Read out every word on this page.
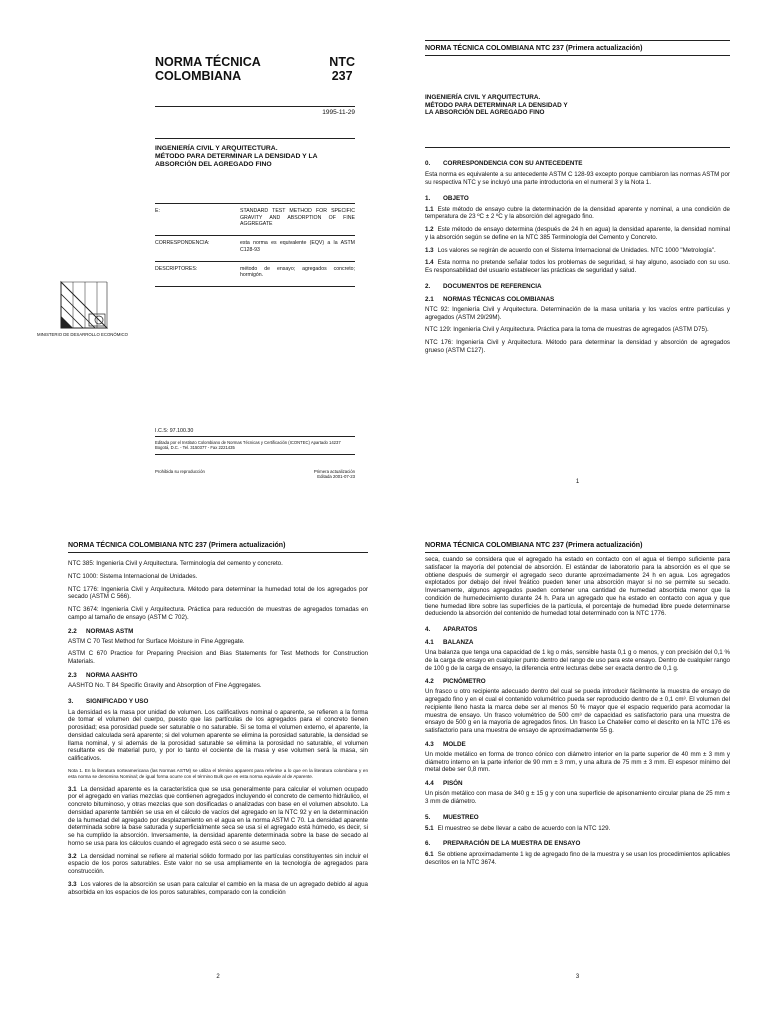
NORMA TÉCNICA
COLOMBIANA
NTC
237
1995-11-29
INGENIERÍA CIVIL Y ARQUITECTURA.
MÉTODO PARA DETERMINAR LA DENSIDAD Y LA ABSORCIÓN DEL AGREGADO FINO
E:	STANDARD TEST METHOD FOR SPECIFIC GRAVITY AND ABSORPTION OF FINE AGGREGATE
CORRESPONDENCIA:	esta norma es equivalente (EQV) a la ASTM C128-93
DESCRIPTORES:	método de ensayo; agregados concreto; hormigón.
MINISTERIO DE DESARROLLO ECONÓMICO
I.C.S: 97.100.30
Editada por el Instituto Colombiano de Normas Técnicas y Certificación (ICONTEC) Apartado 14237 Bogotá, D.C. - Tel. 3150377 - Fax 2221435
Prohibida su reproducción	Primera actualización
Editada 2001-07-23
NORMA TÉCNICA COLOMBIANA NTC 237 (Primera actualización)
INGENIERÍA CIVIL Y ARQUITECTURA.
MÉTODO PARA DETERMINAR LA DENSIDAD Y
LA ABSORCIÓN DEL AGREGADO FINO
0. CORRESPONDENCIA CON SU ANTECEDENTE

Esta norma es equivalente a su antecedente ASTM C 128-93 excepto porque cambiaron las normas ASTM por su respectiva NTC y se incluyó una parte introductoria en el numeral 3 y la Nota 1.

1. OBJETO

1.1 Este método de ensayo cubre la determinación de la densidad aparente y nominal, a una condición de temperatura de 23 ºC ± 2 ºC y la absorción del agregado fino.

1.2 Este método de ensayo determina (después de 24 h en agua) la densidad aparente, la densidad nominal y la absorción según se define en la NTC 385 Terminología del Cemento y Concreto.

1.3 Los valores se regirán de acuerdo con el Sistema Internacional de Unidades. NTC 1000 "Metrología".

1.4 Esta norma no pretende señalar todos los problemas de seguridad, si hay alguno, asociado con su uso. Es responsabilidad del usuario establecer las prácticas de seguridad y salud.

2. DOCUMENTOS DE REFERENCIA
2.1 NORMAS TÉCNICAS COLOMBIANAS

NTC 92: Ingeniería Civil y Arquitectura. Determinación de la masa unitaria y los vacíos entre partículas y agregados (ASTM 29/29M).

NTC 129: Ingeniería Civil y Arquitectura. Práctica para la toma de muestras de agregados (ASTM D75).

NTC 176: Ingeniería Civil y Arquitectura. Método para determinar la densidad y absorción de agregados grueso (ASTM C127).

1
NORMA TÉCNICA COLOMBIANA NTC 237 (Primera actualización)

NTC 385: Ingeniería Civil y Arquitectura. Terminología del cemento y concreto.

NTC 1000: Sistema Internacional de Unidades.

NTC 1776: Ingeniería Civil y Arquitectura. Método para determinar la humedad total de los agregados por secado (ASTM C 566).

NTC 3674: Ingeniería Civil y Arquitectura. Práctica para reducción de muestras de agregados tomadas en campo al tamaño de ensayo (ASTM C 702).

2.2 NORMAS ASTM

ASTM C 70 Test Method for Surface Moisture in Fine Aggregate.

ASTM C 670 Practice for Preparing Precision and Bias Statements for Test Methods for Construction Materials.

2.3 NORMA AASHTO

AASHTO No. T 84 Specific Gravity and Absorption of Fine Aggregates.

3. SIGNIFICADO Y USO

La densidad es la masa por unidad de volumen. Los calificativos nominal o aparente, se refieren a la forma de tomar el volumen del cuerpo, puesto que las partículas de los agregados para el concreto tienen porosidad; esa porosidad puede ser saturable o no saturable. Si se toma el volumen externo, el aparente, la densidad calculada será aparente; si del volumen aparente se elimina la porosidad saturable, la densidad se llama nominal, y si además de la porosidad saturable se elimina la porosidad no saturable, el volumen resultante es de material puro, y por lo tanto el cociente de la masa y ese volumen será la masa, sin calificativos.

Nota 1. En la literatura norteamericana (las Normas ASTM) se utiliza el término apparent para referirse a lo que en la literatura colombiana y en esta norma se denomina Nominal; de igual forma ocurre con el término Bulk que en esta norma equivale al de Aparente.

3.1 La densidad aparente es la característica que se usa generalmente para calcular el volumen ocupado por el agregado en varias mezclas que contienen agregados incluyendo el concreto de cemento hidráulico, el concreto bituminoso, y otras mezclas que son dosificadas o analizadas con base en el volumen absoluto. La densidad aparente también se usa en el cálculo de vacíos del agregado en la NTC 92 y en la determinación de la humedad del agregado por desplazamiento en el agua en la norma ASTM C 70. La densidad aparente determinada sobre la base saturada y superficialmente seca se usa si el agregado está húmedo, es decir, si se ha cumplido la absorción. Inversamente, la densidad aparente determinada sobre la base de secado al horno se usa para los cálculos cuando el agregado está seco o se asume seco.

3.2 La densidad nominal se refiere al material sólido formado por las partículas constituyentes sin incluir el espacio de los poros saturables. Este valor no se usa ampliamente en la tecnología de agregados para construcción.

3.3 Los valores de la absorción se usan para calcular el cambio en la masa de un agregado debido al agua absorbida en los espacios de los poros saturables, comparado con la condición

2
NORMA TÉCNICA COLOMBIANA NTC 237 (Primera actualización)

seca, cuando se considera que el agregado ha estado en contacto con el agua el tiempo suficiente para satisfacer la mayoría del potencial de absorción. El estándar de laboratorio para la absorción es el que se obtiene después de sumergir el agregado seco durante aproximadamente 24 h en agua. Los agregados explotados por debajo del nivel freático pueden tener una absorción mayor si no se permite su secado. Inversamente, algunos agregados pueden contener una cantidad de humedad absorbida menor que la condición de humedecimiento durante 24 h. Para un agregado que ha estado en contacto con agua y que tiene humedad libre sobre las superficies de la partícula, el porcentaje de humedad libre puede determinarse deduciendo la absorción del contenido de humedad total determinado con la NTC 1776.

4. APARATOS
4.1 BALANZA

Una balanza que tenga una capacidad de 1 kg o más, sensible hasta 0,1 g o menos, y con precisión del 0,1 % de la carga de ensayo en cualquier punto dentro del rango de uso para este ensayo. Dentro de cualquier rango de 100 g de la carga de ensayo, la diferencia entre lecturas debe ser exacta dentro de 0,1 g.

4.2 PICNÓMETRO

Un frasco u otro recipiente adecuado dentro del cual se pueda introducir fácilmente la muestra de ensayo de agregado fino y en el cual el contenido volumétrico pueda ser reproducido dentro de ± 0,1 cm³. El volumen del recipiente lleno hasta la marca debe ser al menos 50 % mayor que el espacio requerido para acomodar la muestra de ensayo. Un frasco volumétrico de 500 cm³ de capacidad es satisfactorio para una muestra de ensayo de 500 g en la mayoría de agregados finos. Un frasco Le Chatelier como el descrito en la NTC 176 es satisfactorio para una muestra de ensayo de aproximadamente 55 g.

4.3 MOLDE

Un molde metálico en forma de tronco cónico con diámetro interior en la parte superior de 40 mm ± 3 mm y diámetro interno en la parte inferior de 90 mm ± 3 mm, y una altura de 75 mm ± 3 mm. El espesor mínimo del metal debe ser 0,8 mm.

4.4 PISÓN

Un pisón metálico con masa de 340 g ± 15 g y con una superficie de apisonamiento circular plana de 25 mm ± 3 mm de diámetro.

5. MUESTREO

5.1 El muestreo se debe llevar a cabo de acuerdo con la NTC 129.

6. PREPARACIÓN DE LA MUESTRA DE ENSAYO

6.1 Se obtiene aproximadamente 1 kg de agregado fino de la muestra y se usan los procedimientos aplicables descritos en la NTC 3674.

3
